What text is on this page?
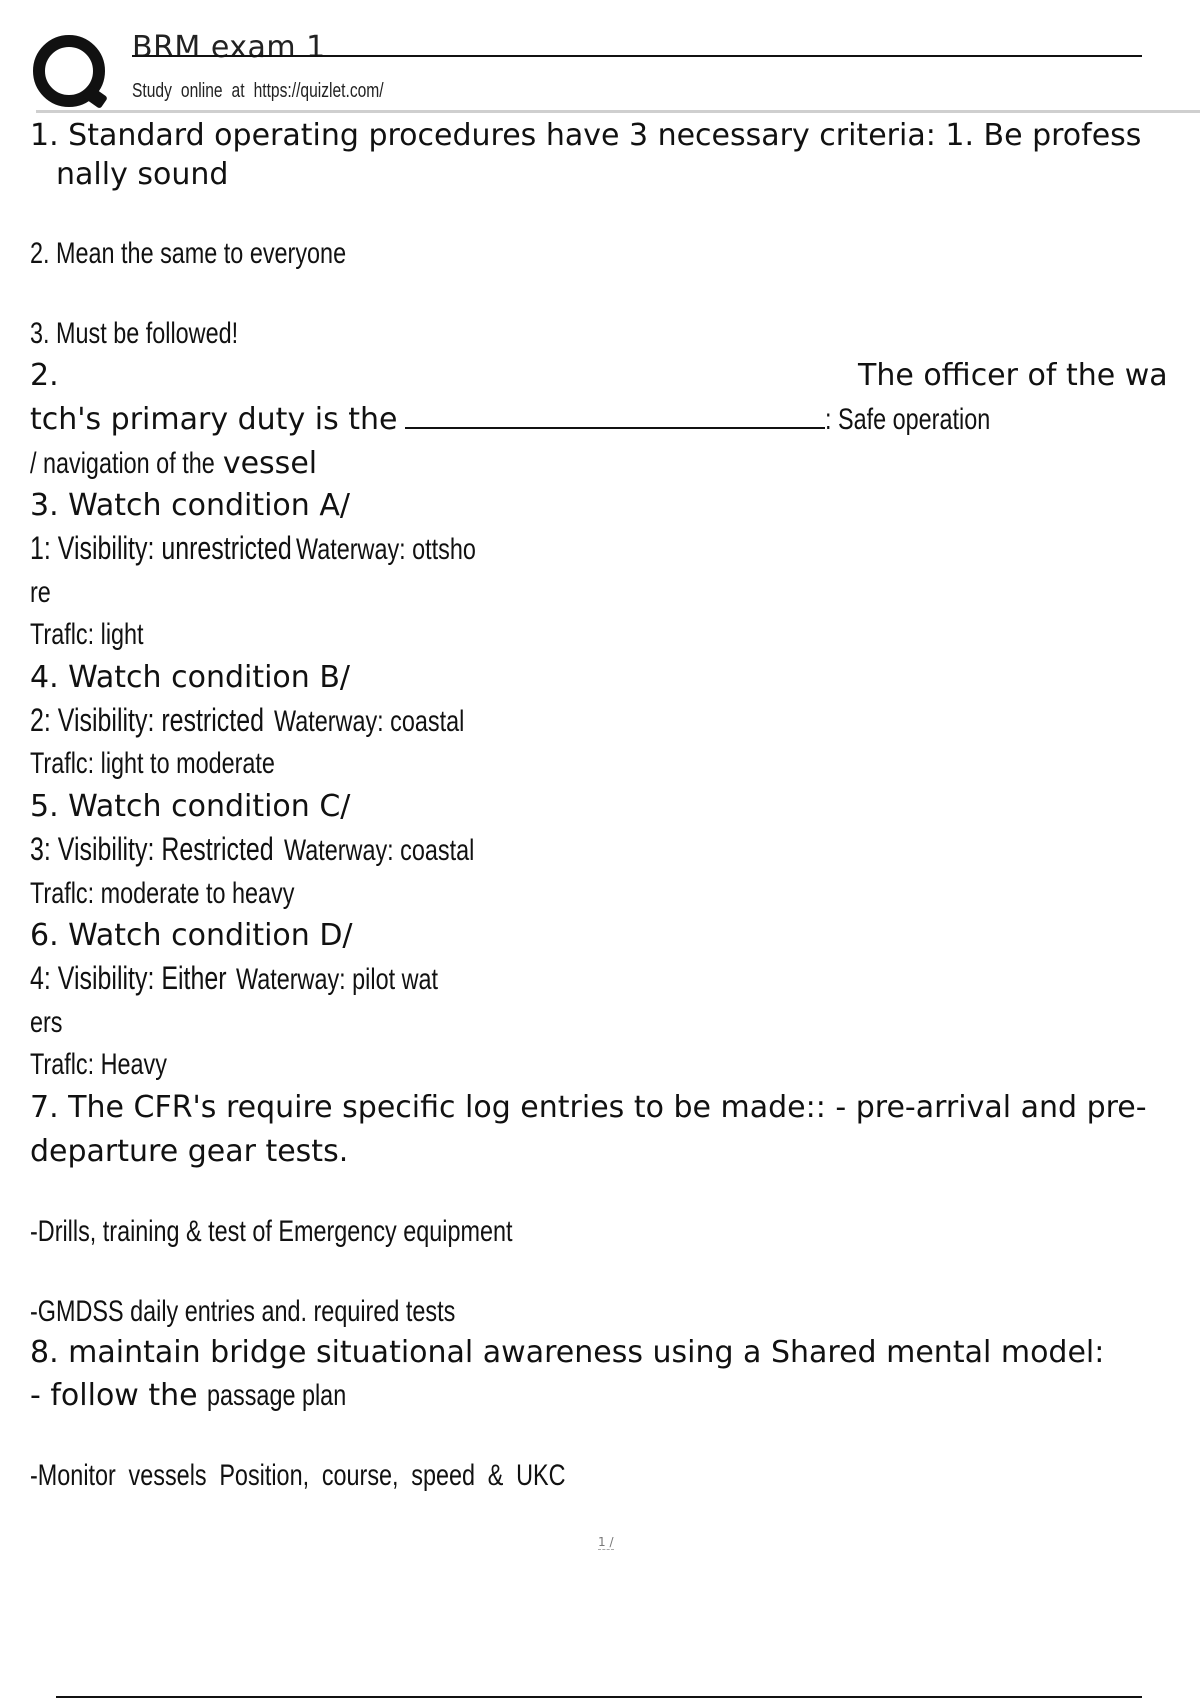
BRM exam 1
Study online at https://quizlet.com/
1. Standard operating procedures have 3 necessary criteria: 1. Be profess
nally sound
2. Mean the same to everyone
3. Must be followed!
2.	The officer of the wa
tch's primary duty is the	: Safe operation
/ navigation of the vessel
3. Watch condition A/
1: Visibility: unrestricted Waterway: ottsho
re
Traflc: light
4. Watch condition B/
2: Visibility: restricted Waterway: coastal
Traflc: light to moderate
5. Watch condition C/
3: Visibility: Restricted Waterway: coastal
Traflc: moderate to heavy
6. Watch condition D/
4: Visibility: Either Waterway: pilot wat
ers
Traflc: Heavy
7. The CFR's require specific log entries to be made:: - pre-arrival and pre-
departure gear tests.
-Drills, training & test of Emergency equipment
-GMDSS daily entries and. required tests
8. maintain bridge situational awareness using a Shared mental model:
- follow the passage plan
-Monitor vessels Position, course, speed & UKC
1 /
